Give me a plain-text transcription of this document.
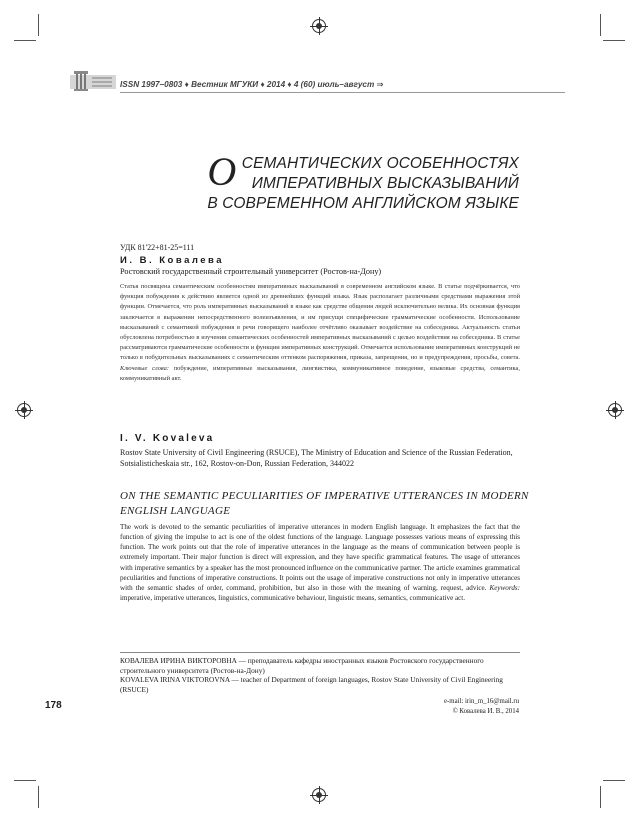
ISSN 1997–0803 ♦ Вестник МГУКИ ♦ 2014 ♦ 4 (60) июль–август ⇒
О СЕМАНТИЧЕСКИХ ОСОБЕННОСТЯХ
ИМПЕРАТИВНЫХ ВЫСКАЗЫВАНИЙ
В СОВРЕМЕННОМ АНГЛИЙСКОМ ЯЗЫКЕ
УДК 81'22+81-25=111
И. В. Ковалева
Ростовский государственный строительный университет (Ростов-на-Дону)
Статья посвящена семантическим особенностям императивных высказываний в современном английском языке. В статье подчёркивается, что функция побуждения к действию является одной из древнейших функций языка. Язык располагает различными средствами выражения этой функции. Отмечается, что роль императивных высказываний в языке как средстве общения людей исключительно велика. Их основная функция заключается в выражении непосредственного волеизъявления, и им присущи специфические грамматические особенности. Использование высказываний с семантикой побуждения в речи говорящего наиболее отчётливо оказывает воздействие на собеседника. Актуальность статьи обусловлена потребностью в изучении семантических особенностей императивных высказываний с целью воздействия на собеседника. В статье рассматриваются грамматические особенности и функции императивных конструкций. Отмечается использование императивных конструкций не только в побудительных высказываниях с семантическим оттенком распоряжения, приказа, запрещения, но и предупреждения, просьбы, совета. Ключевые слова: побуждение, императивные высказывания, лингвистика, коммуникативное поведение, языковые средства, семантика, коммуникативный акт.
I. V. Kovaleva
Rostov State University of Civil Engineering (RSUCE), The Ministry of Education and Science of the Russian Federation, Sotsialisticheskaia str., 162, Rostov-on-Don, Russian Federation, 344022
ON THE SEMANTIC PECULIARITIES OF IMPERATIVE UTTERANCES IN MODERN ENGLISH LANGUAGE
The work is devoted to the semantic peculiarities of imperative utterances in modern English language. It emphasizes the fact that the function of giving the impulse to act is one of the oldest functions of the language. Language possesses various means of expressing this function. The work points out that the role of imperative utterances in the language as the means of communication between people is extremely important. Their major function is direct will expression, and they have specific grammatical features. The usage of utterances with imperative semantics by a speaker has the most pronounced influence on the communicative partner. The article examines grammatical peculiarities and functions of imperative constructions. It points out the usage of imperative constructions not only in imperative utterances with the semantic shades of order, command, prohibition, but also in those with the meaning of warning, request, advice. Keywords: imperative, imperative utterances, linguistics, communicative behaviour, linguistic means, semantics, communicative act.
КОВАЛЕВА ИРИНА ВИКТОРОВНА — преподаватель кафедры иностранных языков Ростовского государственного строительного университета (Ростов-на-Дону)
KOVALEVA IRINA VIKTOROVNA — teacher of Department of foreign languages, Rostov State University of Civil Engineering (RSUCE)
e-mail: irin_m_16@mail.ru
© Ковалева И. В., 2014
178
